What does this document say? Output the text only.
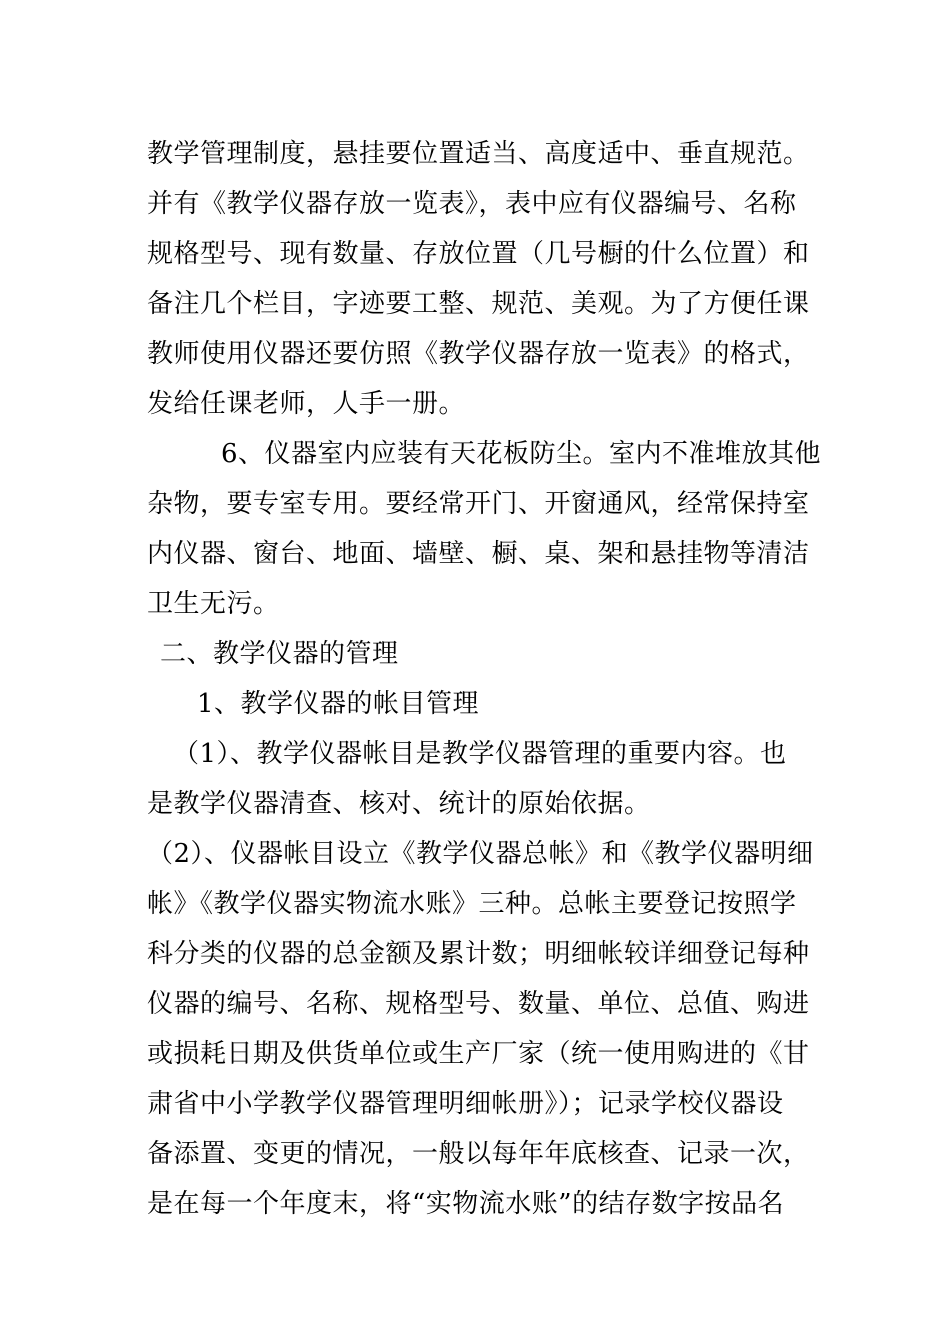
教学管理制度，悬挂要位置适当、高度适中、垂直规范。
并有《教学仪器存放一览表》，表中应有仪器编号、名称
规格型号、现有数量、存放位置（几号橱的什么位置）和
备注几个栏目，字迹要工整、规范、美观。为了方便任课
教师使用仪器还要仿照《教学仪器存放一览表》的格式，
发给任课老师，人手一册。
6、仪器室内应装有天花板防尘。室内不准堆放其他
杂物，要专室专用。要经常开门、开窗通风，经常保持室
内仪器、窗台、地面、墙壁、橱、桌、架和悬挂物等清洁
卫生无污。
二、教学仪器的管理
1、教学仪器的帐目管理
（1）、教学仪器帐目是教学仪器管理的重要内容。也
是教学仪器清查、核对、统计的原始依据。
（2）、仪器帐目设立《教学仪器总帐》和《教学仪器明细
帐》《教学仪器实物流水账》三种。总帐主要登记按照学
科分类的仪器的总金额及累计数；明细帐较详细登记每种
仪器的编号、名称、规格型号、数量、单位、总值、购进
或损耗日期及供货单位或生产厂家（统一使用购进的《甘
肃省中小学教学仪器管理明细帐册》）；记录学校仪器设
备添置、变更的情况，一般以每年年底核查、记录一次，
是在每一个年度末，将“实物流水账”的结存数字按品名
